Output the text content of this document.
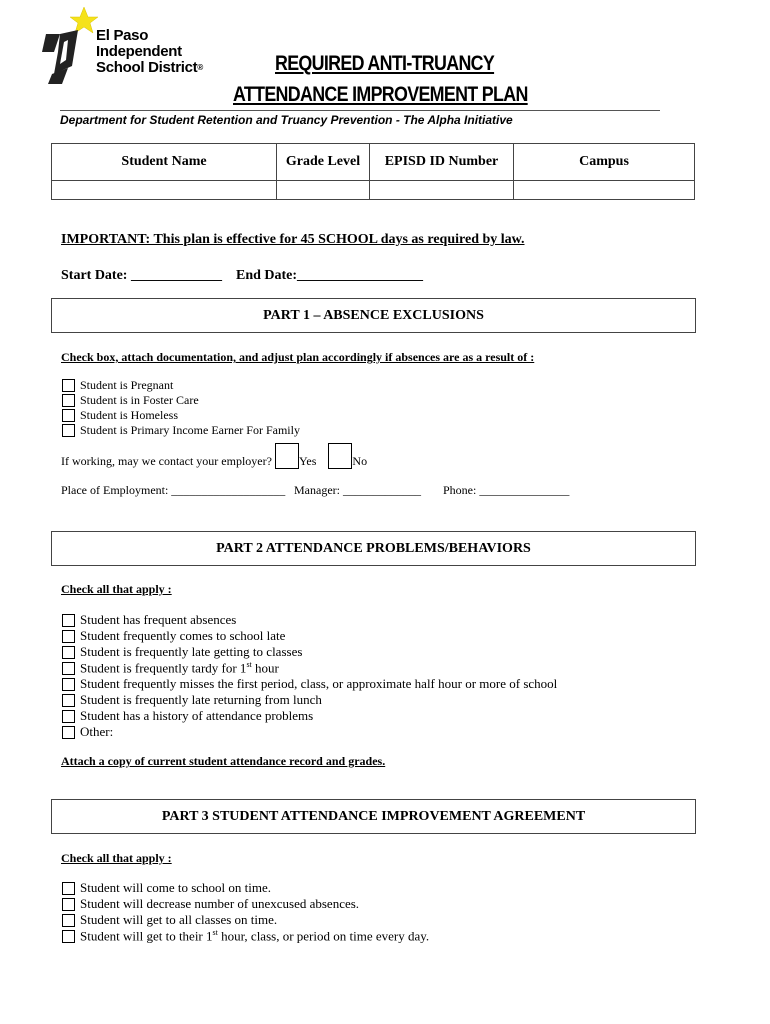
El Paso
Independent
School District®	REQUIRED ANTI-TRUANCY
ATTENDANCE IMPROVEMENT PLAN
Department for Student Retention and Truancy Prevention - The Alpha Initiative
Student Name	Grade Level	EPISD ID Number	Campus

IMPORTANT: This plan is effective for 45 SCHOOL days as required by law.
Start Date: _____________ End Date:__________________
PART 1 – ABSENCE EXCLUSIONS
Check box, attach documentation, and adjust plan accordingly if absences are as a result of :
Student is Pregnant
Student is in Foster Care
Student is Homeless
Student is Primary Income Earner For Family
If working, may we contact your employer?
Yes
	No
Place of Employment: ___________________ Manager: _____________ Phone: _______________
PART 2 ATTENDANCE PROBLEMS/BEHAVIORS
Check all that apply :
Student has frequent absences
Student frequently comes to school late
Student is frequently late getting to classes
Student is frequently tardy for 1st hour
Student frequently misses the first period, class, or approximate half hour or more of school
Student is frequently late returning from lunch
Student has a history of attendance problems
Other:
Attach a copy of current student attendance record and grades.
PART 3 STUDENT ATTENDANCE IMPROVEMENT AGREEMENT
Check all that apply :
Student will come to school on time.
Student will decrease number of unexcused absences.
Student will get to all classes on time.
Student will get to their 1st hour, class, or period on time every day.
